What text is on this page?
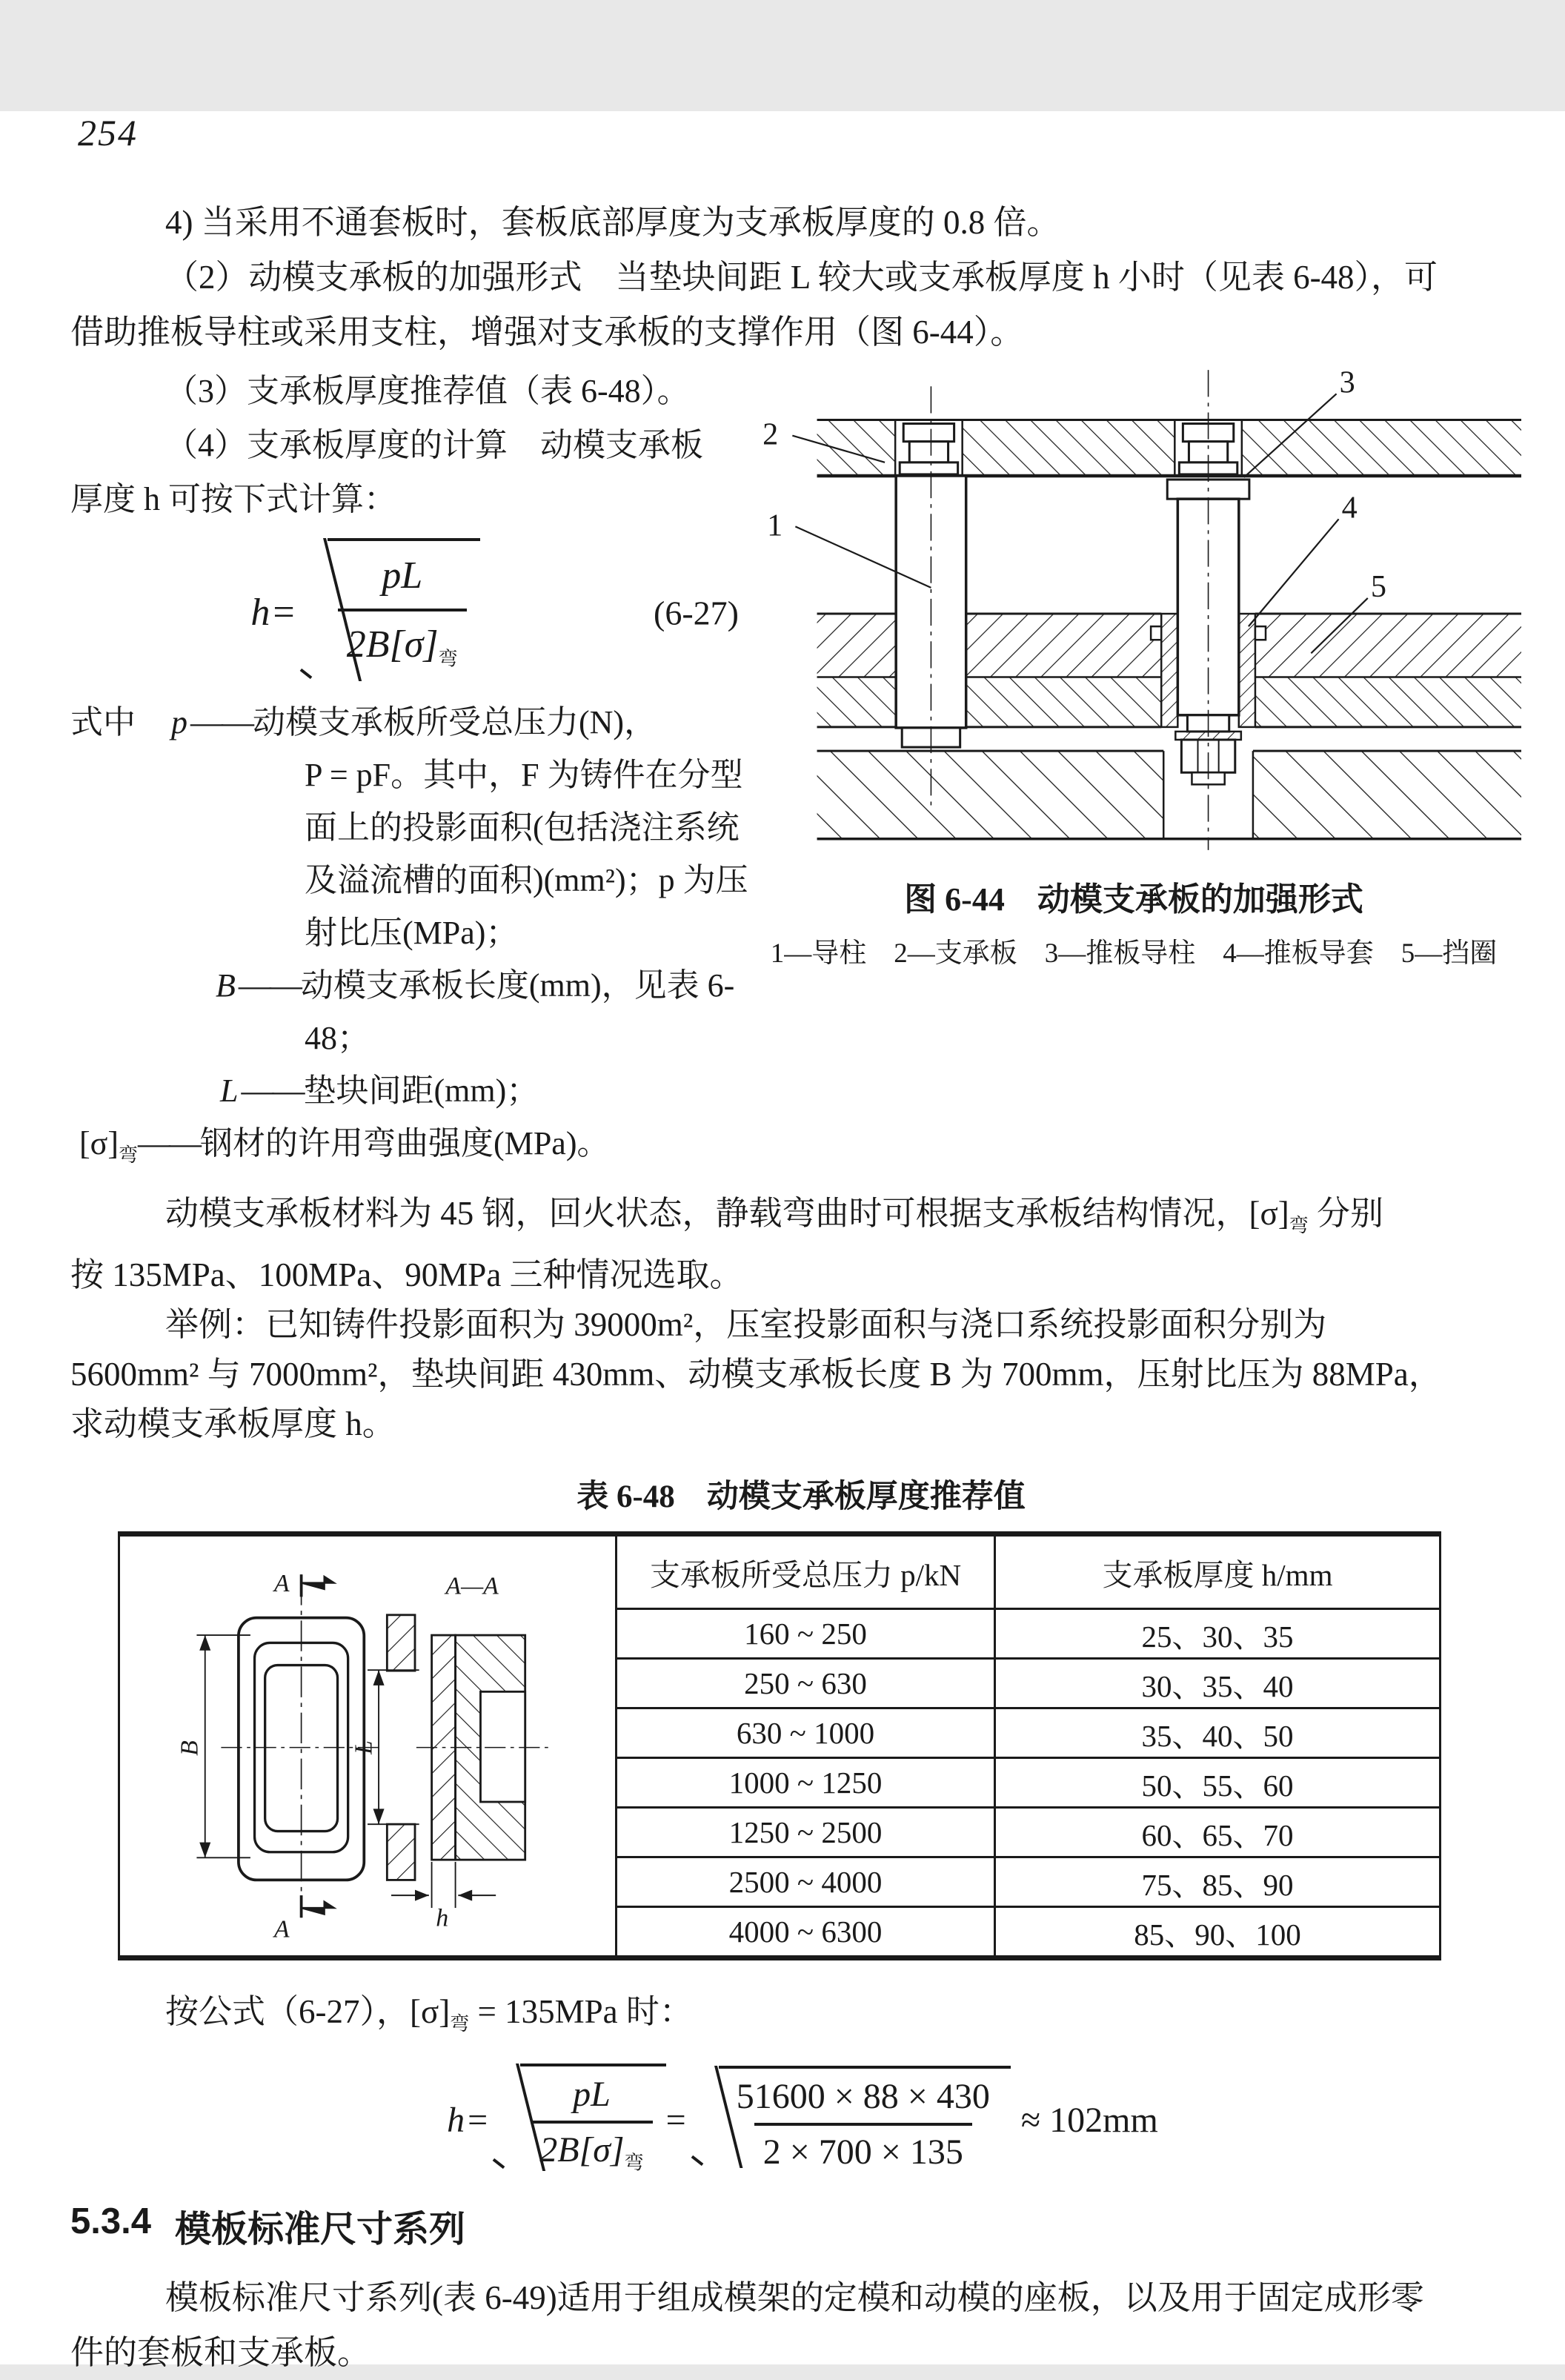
254

4) 当采用不通套板时，套板底部厚度为支承板厚度的 0.8 倍。

（2）动模支承板的加强形式　当垫块间距 L 较大或支承板厚度 h 小时（见表 6-48），可

借助推板导柱或采用支柱，增强对支承板的支撑作用（图 6-44）。

（3）支承板厚度推荐值（表 6-48）。

（4）支承板厚度的计算　动模支承板

厚度 h 可按下式计算：

h =
pL
$2B[\sigma]_弯$
(6-27)

式中 p——动模支承板所受总压力(N)，

P = pF。其中，F 为铸件在分型

面上的投影面积(包括浇注系统

及溢流槽的面积)(mm²)；p 为压

射比压(MPa)；

B——动模支承板长度(mm)，见表 6-

48；

L——垫块间距(mm)；

$[\sigma]_弯——$钢材的许用弯曲强度(MPa)。

2
1
3
4
5
图 6-44　动模支承板的加强形式
1—导柱　2—支承板　3—推板导柱　4—推板导套　5—挡圈

动模支承板材料为 45 钢，回火状态，静载弯曲时可根据支承板结构情况，$[\sigma]_弯$ 分别

按 135MPa、100MPa、90MPa 三种情况选取。

举例：已知铸件投影面积为 39000m²，压室投影面积与浇口系统投影面积分别为

5600mm² 与 7000mm²，垫块间距 430mm、动模支承板长度 B 为 700mm，压射比压为 88MPa，

求动模支承板厚度 h。

表 6-48　动模支承板厚度推荐值
A
A
B
A—A
L
h
	支承板所受总压力 p/kN	支承板厚度 h/mm
	160 ~ 250	25、30、35
	250 ~ 630	30、35、40
	630 ~ 1000	35、40、50
	1000 ~ 1250	50、55、60
	1250 ~ 2500	60、65、70
	2500 ~ 4000	75、85、90
	4000 ~ 6300	85、90、100

按公式（6-27），$[\sigma]_弯 = 135MPa$ 时：

h =
pL
$2B[\sigma]_弯$
= $\frac{51600 \times 88 \times 430}{2 \times 700 \times 135} \approx 102mm$
5.3.4 模板标准尺寸系列

模板标准尺寸系列(表 6-49)适用于组成模架的定模和动模的座板，以及用于固定成形零

件的套板和支承板。
